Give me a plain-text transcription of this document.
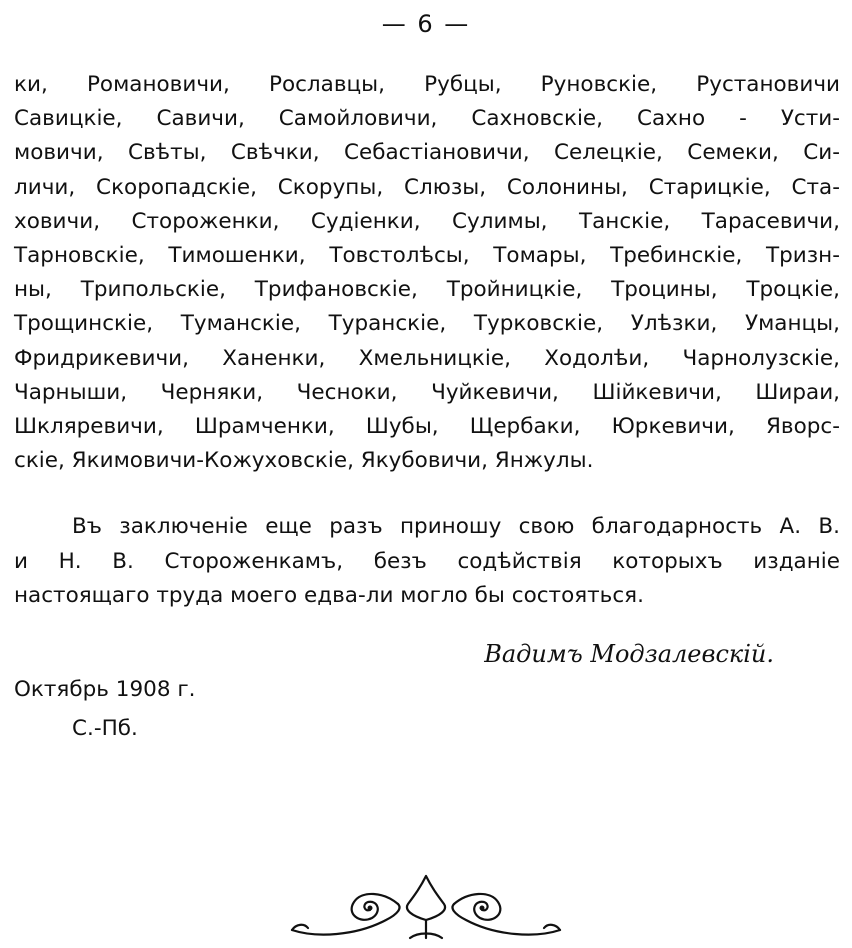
— 6 —
ки, Романовичи, Рославцы, Рубцы, Руновскіе, Рустановичи
Савицкіе, Савичи, Самойловичи, Сахновскіе, Сахно - Усти-
мовичи, Свѣты, Свѣчки, Себастіановичи, Селецкіе, Семеки, Си-
личи, Скоропадскіе, Скорупы, Слюзы, Солонины, Старицкіе, Ста-
ховичи, Стороженки, Судіенки, Сулимы, Танскіе, Тарасевичи,
Тарновскіе, Тимошенки, Товстолѣсы, Томары, Требинскіе, Тризн-
ны, Трипольскіе, Трифановскіе, Тройницкіе, Троцины, Троцкіе,
Трощинскіе, Туманскіе, Туранскіе, Турковскіе, Улѣзки, Уманцы,
Фридрикевичи, Ханенки, Хмельницкіе, Ходолѣи, Чарнолузскіе,
Чарныши, Черняки, Чесноки, Чуйкевичи, Шійкевичи, Шираи,
Шкляревичи, Шрамченки, Шубы, Щербаки, Юркевичи, Яворс-
скіе, Якимовичи-Кожуховскіе, Якубовичи, Янжулы.
Въ заключеніе еще разъ приношу свою благодарность А. В.
и Н. В. Стороженкамъ, безъ содѣйствія которыхъ изданіе
настоящаго труда моего едва-ли могло бы состояться.
Вадимъ Модзалевскій.
Октябрь 1908 г.
С.-Пб.
